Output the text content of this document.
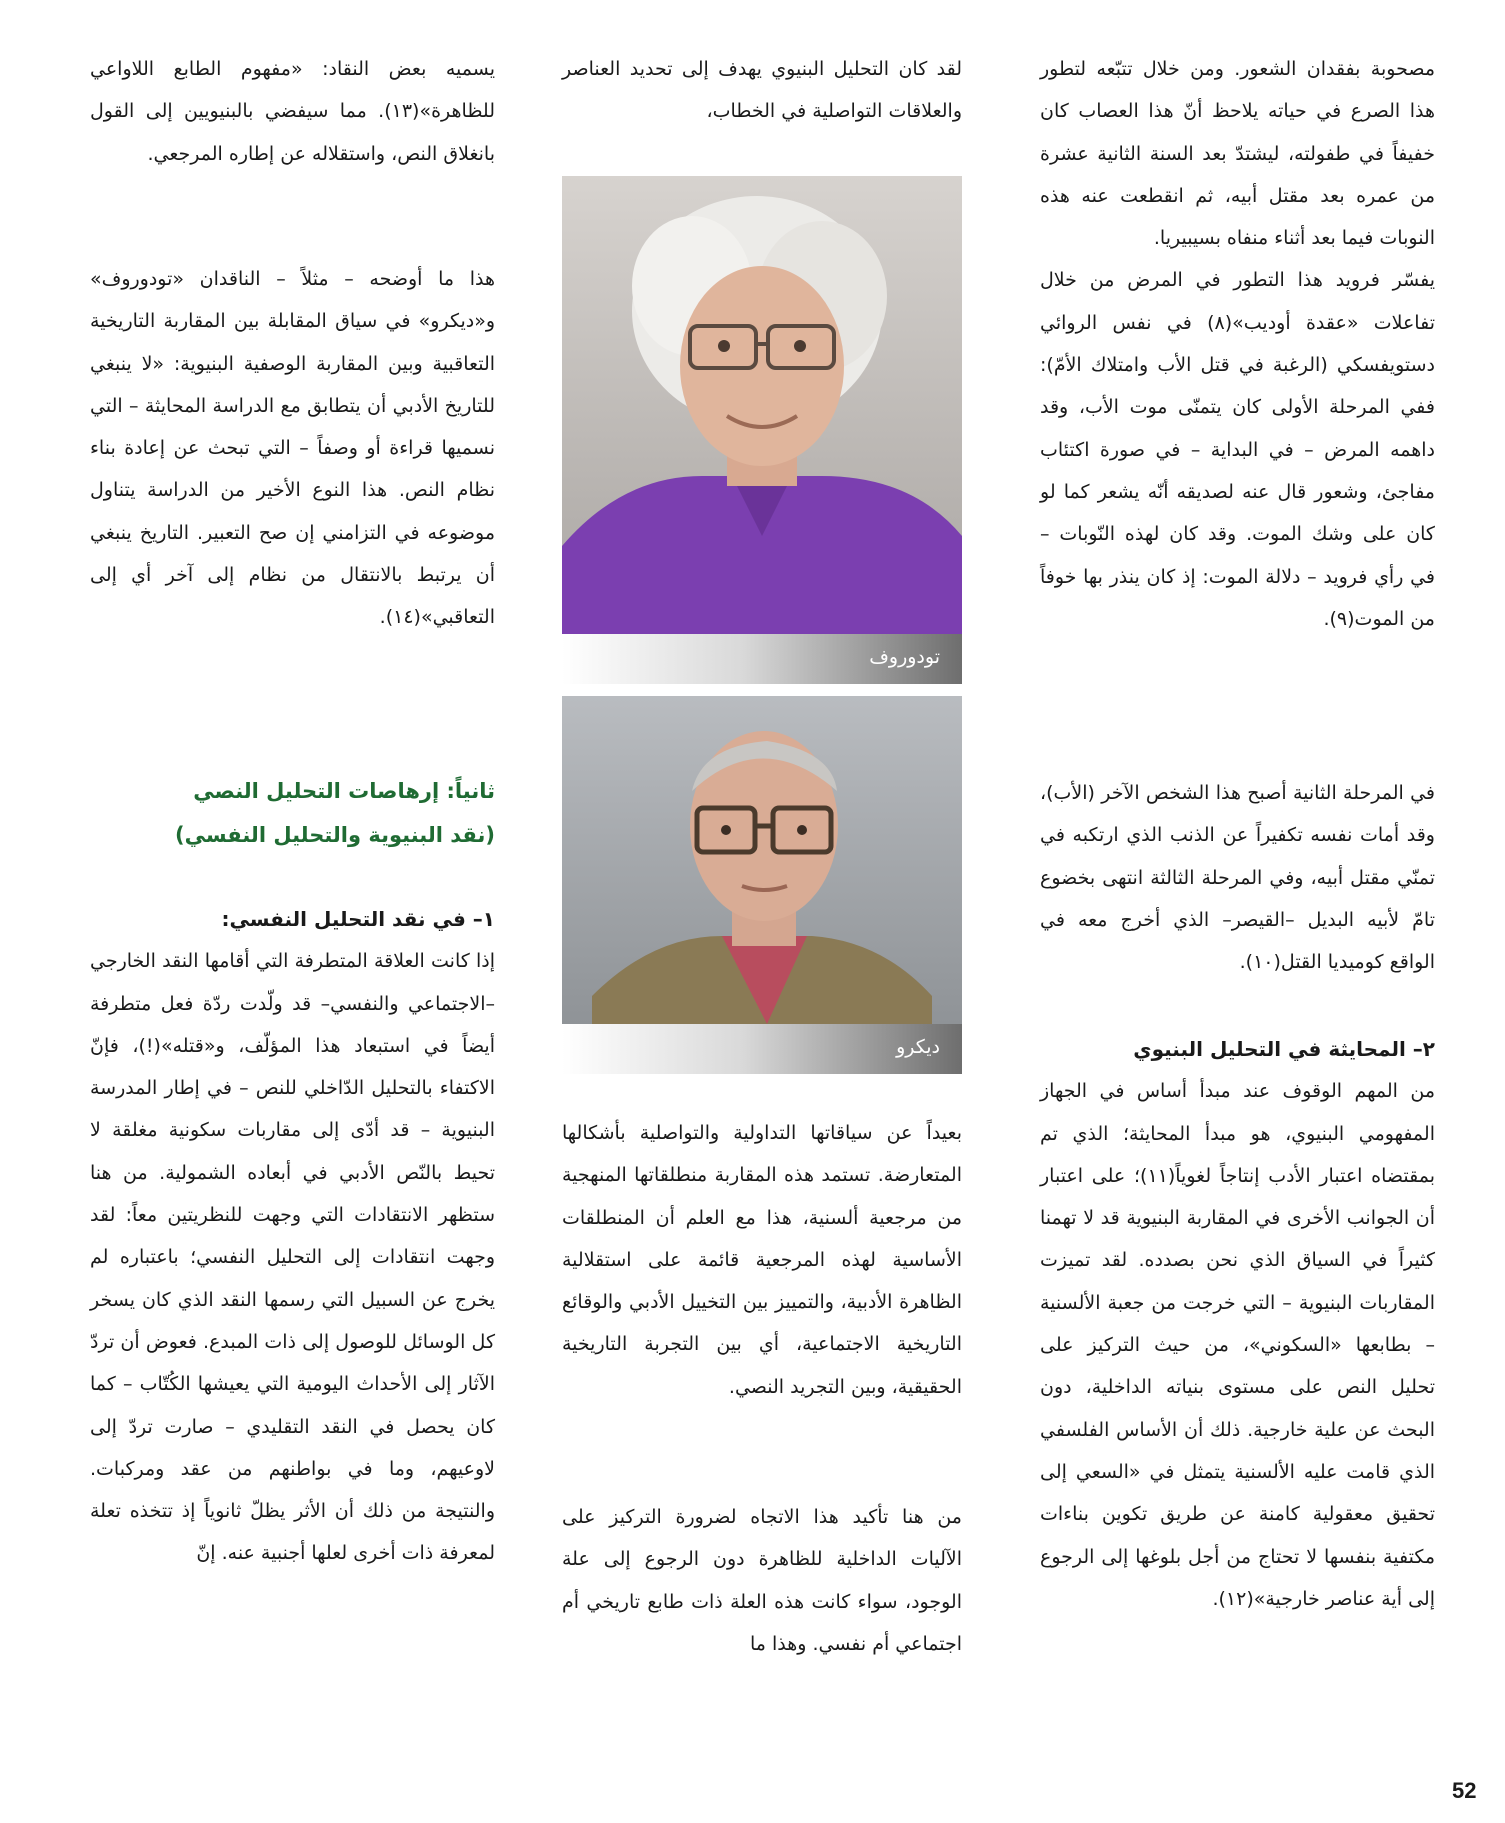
مصحوبة بفقدان الشعور. ومن خلال تتبّعه لتطور هذا الصرع في حياته يلاحظ أنّ هذا العصاب كان خفيفاً في طفولته، ليشتدّ بعد السنة الثانية عشرة من عمره بعد مقتل أبيه، ثم انقطعت عنه هذه النوبات فيما بعد أثناء منفاه بسيبيريا.

يفسّر فرويد هذا التطور في المرض من خلال تفاعلات «عقدة أوديب»(٨) في نفس الروائي دستويفسكي (الرغبة في قتل الأب وامتلاك الأمّ): ففي المرحلة الأولى كان يتمنّى موت الأب، وقد داهمه المرض – في البداية – في صورة اكتئاب مفاجئ، وشعور قال عنه لصديقه أنّه يشعر كما لو كان على وشك الموت. وقد كان لهذه النّوبات – في رأي فرويد – دلالة الموت: إذ كان ينذر بها خوفاً من الموت(٩).

في المرحلة الثانية أصبح هذا الشخص الآخر (الأب)، وقد أمات نفسه تكفيراً عن الذنب الذي ارتكبه في تمنّي مقتل أبيه، وفي المرحلة الثالثة انتهى بخضوع تامّ لأبيه البديل –القيصر– الذي أخرج معه في الواقع كوميديا القتل(١٠).

٢– المحايثة في التحليل البنيوي

من المهم الوقوف عند مبدأ أساس في الجهاز المفهومي البنيوي، هو مبدأ المحايثة؛ الذي تم بمقتضاه اعتبار الأدب إنتاجاً لغوياً(١١)؛ على اعتبار أن الجوانب الأخرى في المقاربة البنيوية قد لا تهمنا كثيراً في السياق الذي نحن بصدده. لقد تميزت المقاربات البنيوية – التي خرجت من جعبة الألسنية – بطابعها «السكوني»، من حيث التركيز على تحليل النص على مستوى بنياته الداخلية، دون البحث عن علية خارجية. ذلك أن الأساس الفلسفي الذي قامت عليه الألسنية يتمثل في «السعي إلى تحقيق معقولية كامنة عن طريق تكوين بناءات مكتفية بنفسها لا تحتاج من أجل بلوغها إلى الرجوع إلى أية عناصر خارجية»(١٢).

لقد كان التحليل البنيوي يهدف إلى تحديد العناصر والعلاقات التواصلية في الخطاب،

تودوروف
ديكرو

بعيداً عن سياقاتها التداولية والتواصلية بأشكالها المتعارضة. تستمد هذه المقاربة منطلقاتها المنهجية من مرجعية ألسنية، هذا مع العلم أن المنطلقات الأساسية لهذه المرجعية قائمة على استقلالية الظاهرة الأدبية، والتمييز بين التخييل الأدبي والوقائع التاريخية الاجتماعية، أي بين التجربة التاريخية الحقيقية، وبين التجريد النصي.

من هنا تأكيد هذا الاتجاه لضرورة التركيز على الآليات الداخلية للظاهرة دون الرجوع إلى علة الوجود، سواء كانت هذه العلة ذات طابع تاريخي أم اجتماعي أم نفسي. وهذا ما

يسميه بعض النقاد: «مفهوم الطابع اللاواعي للظاهرة»(١٣). مما سيفضي بالبنيويين إلى القول بانغلاق النص، واستقلاله عن إطاره المرجعي.

هذا ما أوضحه – مثلاً – الناقدان «تودوروف» و«ديكرو» في سياق المقابلة بين المقاربة التاريخية التعاقبية وبين المقاربة الوصفية البنيوية: «لا ينبغي للتاريخ الأدبي أن يتطابق مع الدراسة المحايثة – التي نسميها قراءة أو وصفاً – التي تبحث عن إعادة بناء نظام النص. هذا النوع الأخير من الدراسة يتناول موضوعه في التزامني إن صح التعبير. التاريخ ينبغي أن يرتبط بالانتقال من نظام إلى آخر أي إلى التعاقبي»(١٤).

ثانياً: إرهاصات التحليل النصي

(نقد البنيوية والتحليل النفسي)

١– في نقد التحليل النفسي:

إذا كانت العلاقة المتطرفة التي أقامها النقد الخارجي –الاجتماعي والنفسي– قد ولّدت ردّة فعل متطرفة أيضاً في استبعاد هذا المؤلّف، و«قتله»(!)، فإنّ الاكتفاء بالتحليل الدّاخلي للنص – في إطار المدرسة البنيوية – قد أدّى إلى مقاربات سكونية مغلقة لا تحيط بالنّص الأدبي في أبعاده الشمولية. من هنا ستظهر الانتقادات التي وجهت للنظريتين معاً: لقد وجهت انتقادات إلى التحليل النفسي؛ باعتباره لم يخرج عن السبيل التي رسمها النقد الذي كان يسخر كل الوسائل للوصول إلى ذات المبدع. فعوض أن تردّ الآثار إلى الأحداث اليومية التي يعيشها الكُتّاب – كما كان يحصل في النقد التقليدي – صارت تردّ إلى لاوعيهم، وما في بواطنهم من عقد ومركبات. والنتيجة من ذلك أن الأثر يظلّ ثانوياً إذ تتخذه تعلة لمعرفة ذات أخرى لعلها أجنبية عنه. إنّ

52
